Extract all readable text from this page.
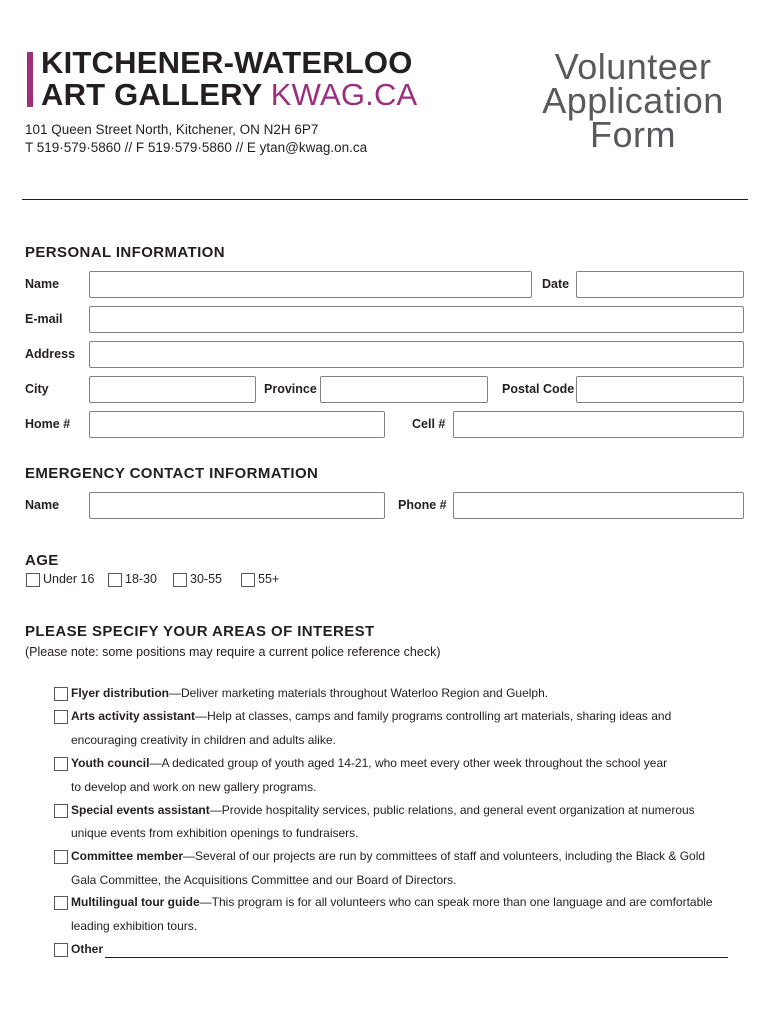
KITCHENER-WATERLOO
ART GALLERY KWAG.CA
101 Queen Street North, Kitchener, ON N2H 6P7
T 519·579·5860 // F 519·579·5860 // E ytan@kwag.on.ca
Volunteer
Application
Form
PERSONAL INFORMATION
Name	Date
E-mail
Address
City	Province	Postal Code
Home #	Cell #
EMERGENCY CONTACT INFORMATION
Name	Phone #
AGE
Under 16 18-30	30-55	55+
PLEASE SPECIFY YOUR AREAS OF INTEREST
(Please note: some positions may require a current police reference check)
Flyer distribution—Deliver marketing materials throughout Waterloo Region and Guelph.
Arts activity assistant—Help at classes, camps and family programs controlling art materials, sharing ideas and
encouraging creativity in children and adults alike.
Youth council—A dedicated group of youth aged 14-21, who meet every other week throughout the school year
to develop and work on new gallery programs.
Special events assistant—Provide hospitality services, public relations, and general event organization at numerous
unique events from exhibition openings to fundraisers.
Committee member—Several of our projects are run by committees of staff and volunteers, including the Black & Gold
Gala Committee, the Acquisitions Committee and our Board of Directors.
Multilingual tour guide—This program is for all volunteers who can speak more than one language and are comfortable
leading exhibition tours.
Other
